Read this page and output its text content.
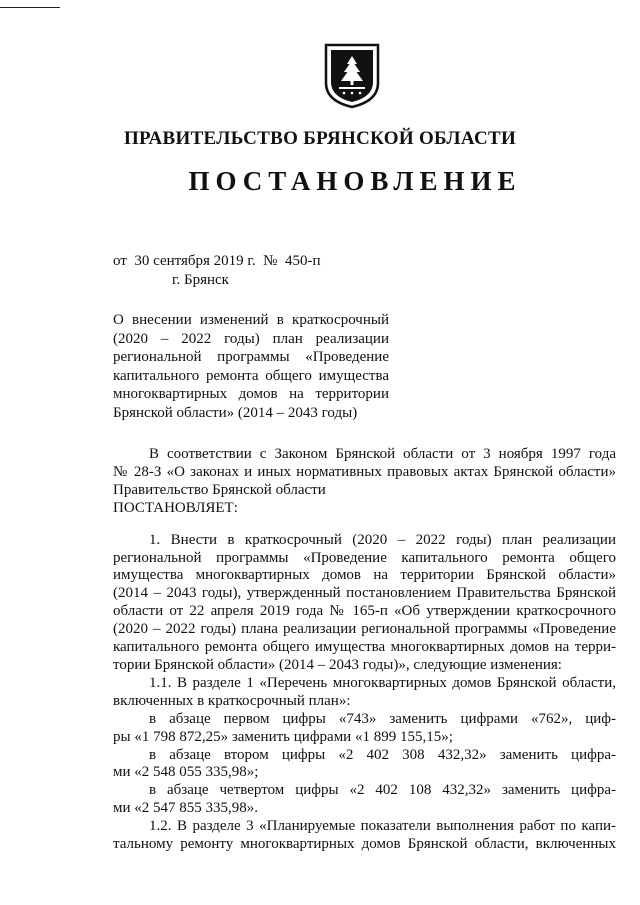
ПРАВИТЕЛЬСТВО БРЯНСКОЙ ОБЛАСТИ
ПОСТАНОВЛЕНИЕ
от  30 сентября 2019 г.  №  450-п
г. Брянск
О внесении изменений в краткосрочный
(2020 – 2022 годы) план реализации
региональной программы «Проведение
капитального ремонта общего имущества
многоквартирных домов на территории
Брянской области» (2014 – 2043 годы)
В соответствии с Законом Брянской области от 3 ноября 1997 года
№ 28-З «О законах и иных нормативных правовых актах Брянской области»
Правительство Брянской области
ПОСТАНОВЛЯЕТ:
1. Внести в краткосрочный (2020 – 2022 годы) план реализации
региональной программы «Проведение капитального ремонта общего
имущества многоквартирных домов на территории Брянской области»
(2014 – 2043 годы), утвержденный постановлением Правительства Брянской
области от 22 апреля 2019 года № 165-п «Об утверждении краткосрочного
(2020 – 2022 годы) плана реализации региональной программы «Проведение
капитального ремонта общего имущества многоквартирных домов на терри-
тории Брянской области» (2014 – 2043 годы)», следующие изменения:
1.1. В разделе 1 «Перечень многоквартирных домов Брянской области,
включенных в краткосрочный план»:
в абзаце первом цифры «743» заменить цифрами «762», циф-
ры «1 798 872,25» заменить цифрами «1 899 155,15»;
в абзаце втором цифры «2 402 308 432,32» заменить цифра-
ми «2 548 055 335,98»;
в абзаце четвертом цифры «2 402 108 432,32» заменить цифра-
ми «2 547 855 335,98».
1.2. В разделе 3 «Планируемые показатели выполнения работ по капи-
тальному ремонту многоквартирных домов Брянской области, включенных
